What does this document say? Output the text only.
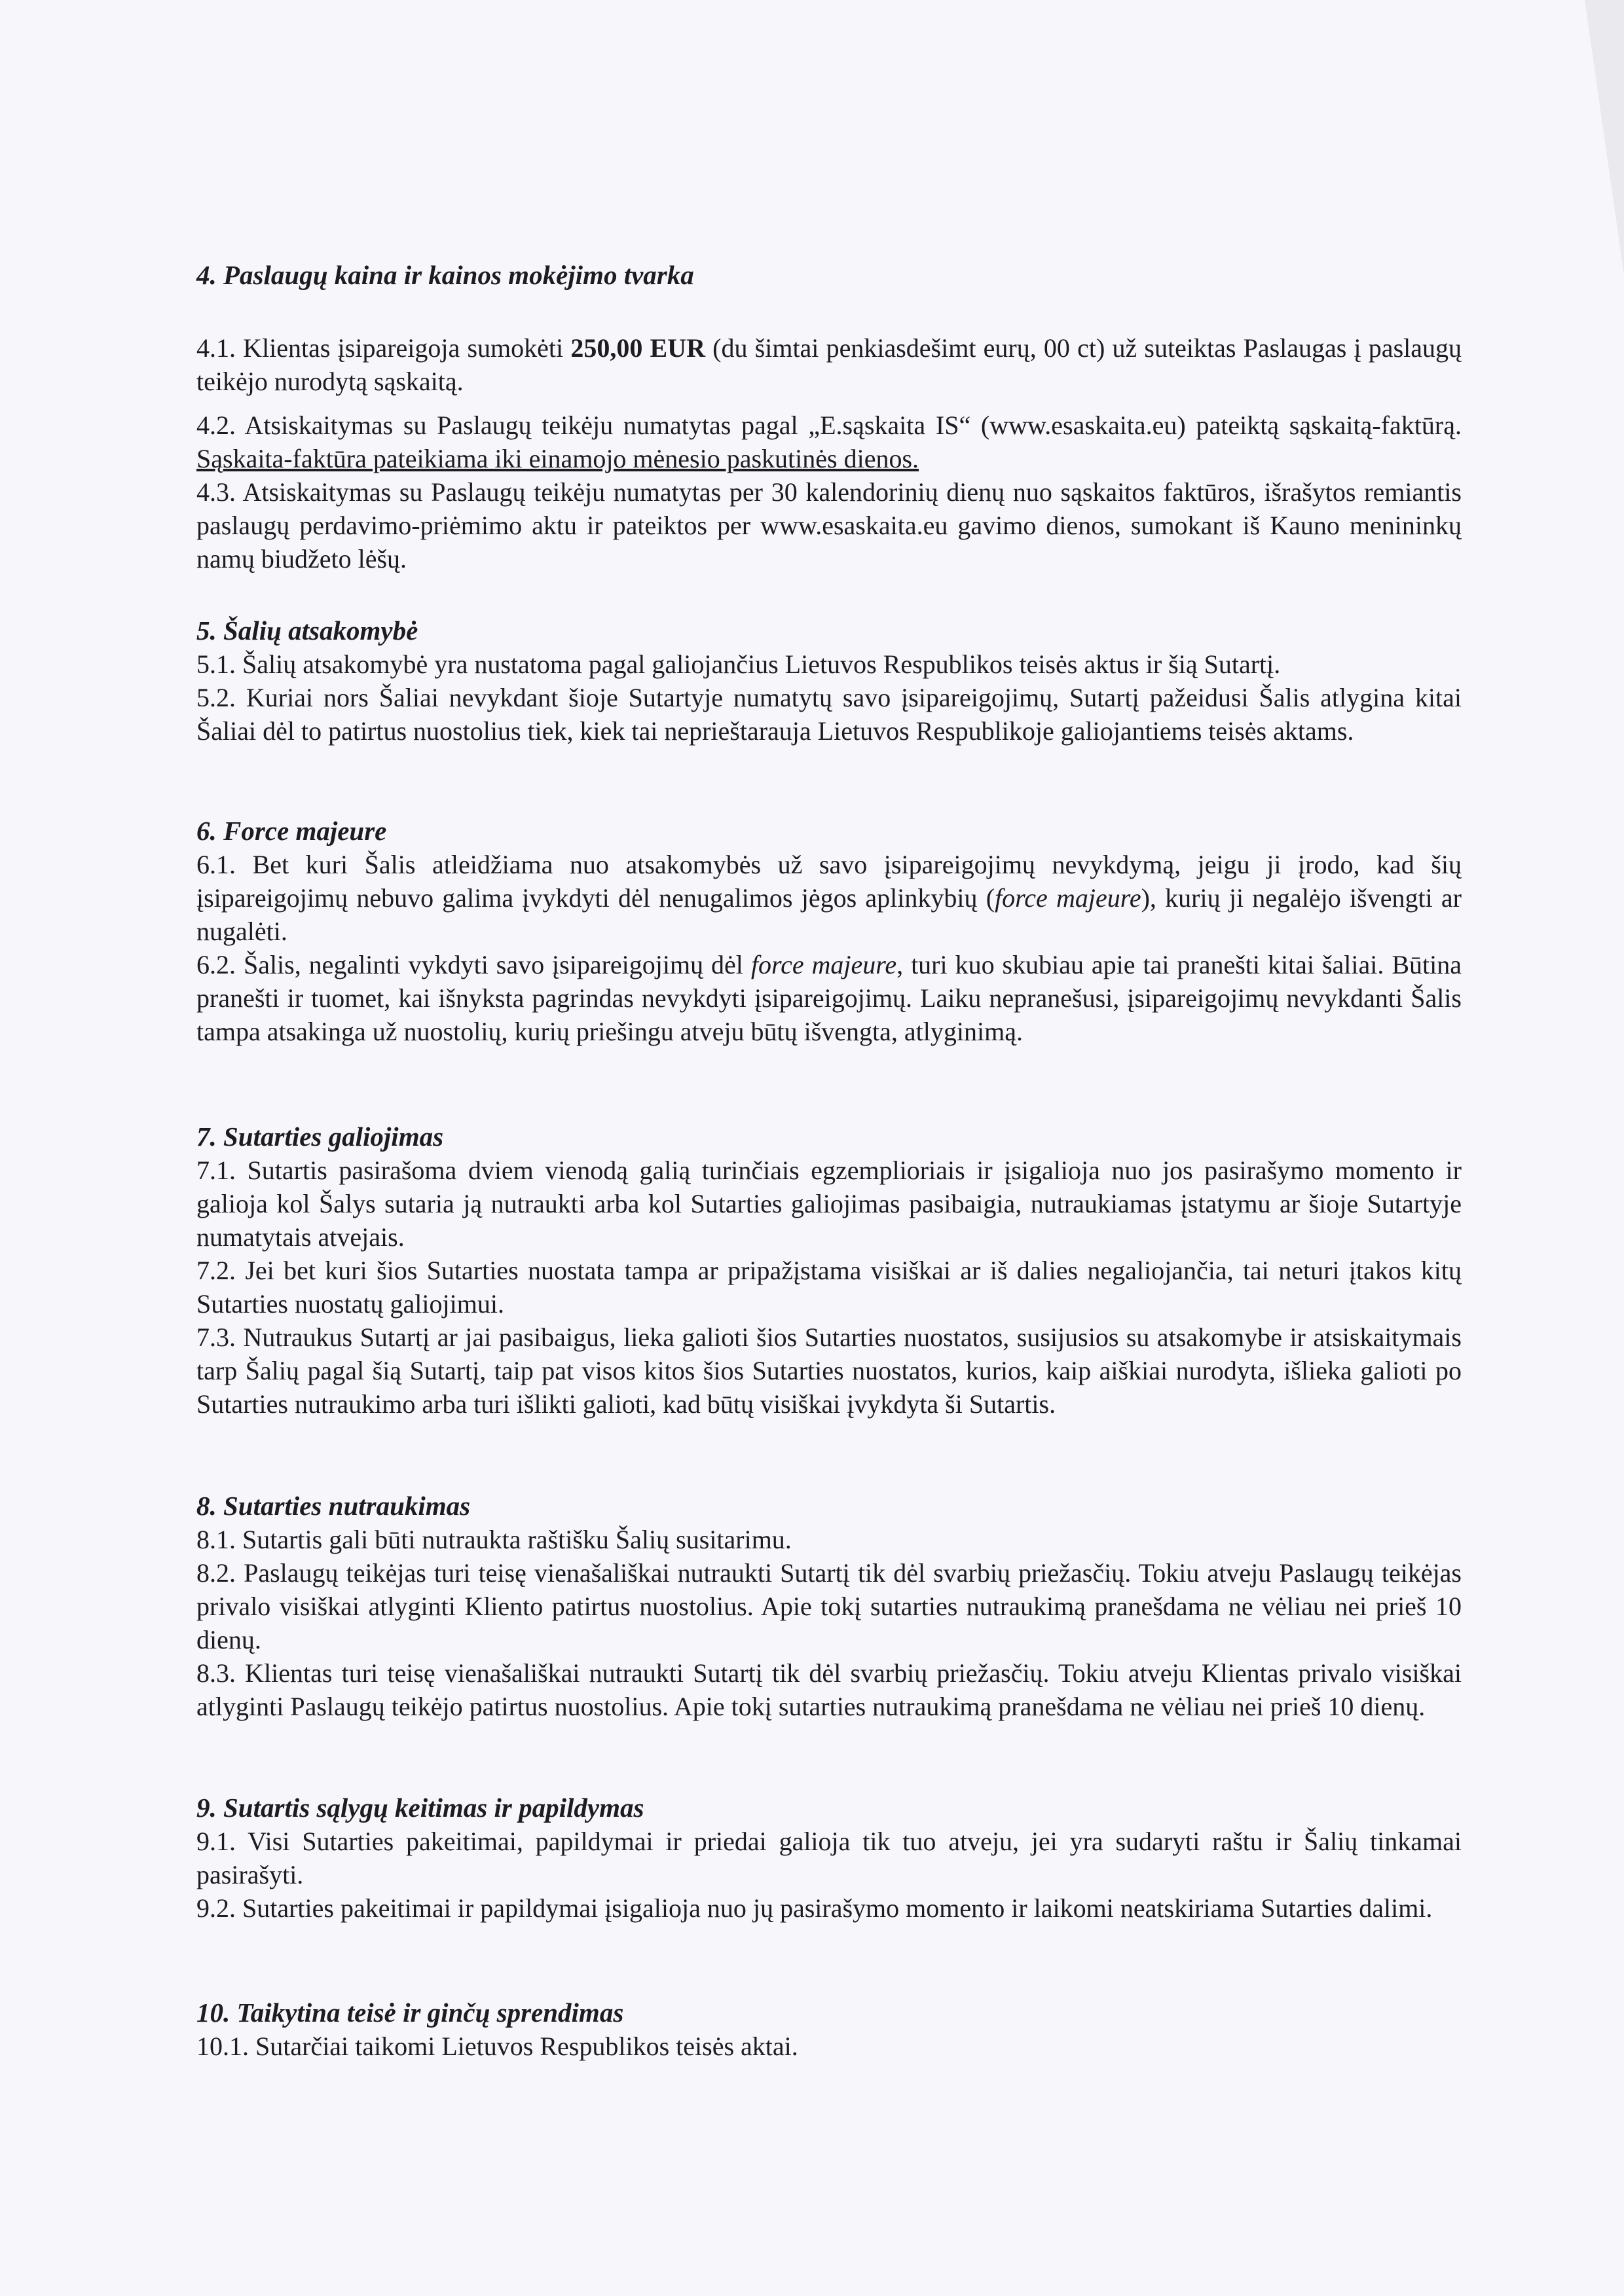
4. Paslaugų kaina ir kainos mokėjimo tvarka

4.1. Klientas įsipareigoja sumokėti 250,00 EUR (du šimtai penkiasdešimt eurų, 00 ct) už suteiktas Paslaugas į paslaugų teikėjo nurodytą sąskaitą.

4.2. Atsiskaitymas su Paslaugų teikėju numatytas pagal „E.sąskaita IS“ (www.esaskaita.eu) pateiktą sąskaitą-faktūrą. Sąskaita-faktūra pateikiama iki einamojo mėnesio paskutinės dienos.

4.3. Atsiskaitymas su Paslaugų teikėju numatytas per 30 kalendorinių dienų nuo sąskaitos faktūros, išrašytos remiantis paslaugų perdavimo-priėmimo aktu ir pateiktos per www.esaskaita.eu gavimo dienos, sumokant iš Kauno menininkų namų biudžeto lėšų.

5. Šalių atsakomybė

5.1. Šalių atsakomybė yra nustatoma pagal galiojančius Lietuvos Respublikos teisės aktus ir šią Sutartį.

5.2. Kuriai nors Šaliai nevykdant šioje Sutartyje numatytų savo įsipareigojimų, Sutartį pažeidusi Šalis atlygina kitai Šaliai dėl to patirtus nuostolius tiek, kiek tai neprieštarauja Lietuvos Respublikoje galiojantiems teisės aktams.

6. Force majeure

6.1. Bet kuri Šalis atleidžiama nuo atsakomybės už savo įsipareigojimų nevykdymą, jeigu ji įrodo, kad šių įsipareigojimų nebuvo galima įvykdyti dėl nenugalimos jėgos aplinkybių (force majeure), kurių ji negalėjo išvengti ar nugalėti.

6.2. Šalis, negalinti vykdyti savo įsipareigojimų dėl force majeure, turi kuo skubiau apie tai pranešti kitai šaliai. Būtina pranešti ir tuomet, kai išnyksta pagrindas nevykdyti įsipareigojimų. Laiku nepranešusi, įsipareigojimų nevykdanti Šalis tampa atsakinga už nuostolių, kurių priešingu atveju būtų išvengta, atlyginimą.

7. Sutarties galiojimas

7.1. Sutartis pasirašoma dviem vienodą galią turinčiais egzemplioriais ir įsigalioja nuo jos pasirašymo momento ir galioja kol Šalys sutaria ją nutraukti arba kol Sutarties galiojimas pasibaigia, nutraukiamas įstatymu ar šioje Sutartyje numatytais atvejais.

7.2. Jei bet kuri šios Sutarties nuostata tampa ar pripažįstama visiškai ar iš dalies negaliojančia, tai neturi įtakos kitų Sutarties nuostatų galiojimui.

7.3. Nutraukus Sutartį ar jai pasibaigus, lieka galioti šios Sutarties nuostatos, susijusios su atsakomybe ir atsiskaitymais tarp Šalių pagal šią Sutartį, taip pat visos kitos šios Sutarties nuostatos, kurios, kaip aiškiai nurodyta, išlieka galioti po Sutarties nutraukimo arba turi išlikti galioti, kad būtų visiškai įvykdyta ši Sutartis.

8. Sutarties nutraukimas

8.1. Sutartis gali būti nutraukta raštišku Šalių susitarimu.

8.2. Paslaugų teikėjas turi teisę vienašališkai nutraukti Sutartį tik dėl svarbių priežasčių. Tokiu atveju Paslaugų teikėjas privalo visiškai atlyginti Kliento patirtus nuostolius. Apie tokį sutarties nutraukimą pranešdama ne vėliau nei prieš 10 dienų.

8.3. Klientas turi teisę vienašališkai nutraukti Sutartį tik dėl svarbių priežasčių. Tokiu atveju Klientas privalo visiškai atlyginti Paslaugų teikėjo patirtus nuostolius. Apie tokį sutarties nutraukimą pranešdama ne vėliau nei prieš 10 dienų.

9. Sutartis sąlygų keitimas ir papildymas

9.1. Visi Sutarties pakeitimai, papildymai ir priedai galioja tik tuo atveju, jei yra sudaryti raštu ir Šalių tinkamai pasirašyti.

9.2. Sutarties pakeitimai ir papildymai įsigalioja nuo jų pasirašymo momento ir laikomi neatskiriama Sutarties dalimi.

10. Taikytina teisė ir ginčų sprendimas

10.1. Sutarčiai taikomi Lietuvos Respublikos teisės aktai.
